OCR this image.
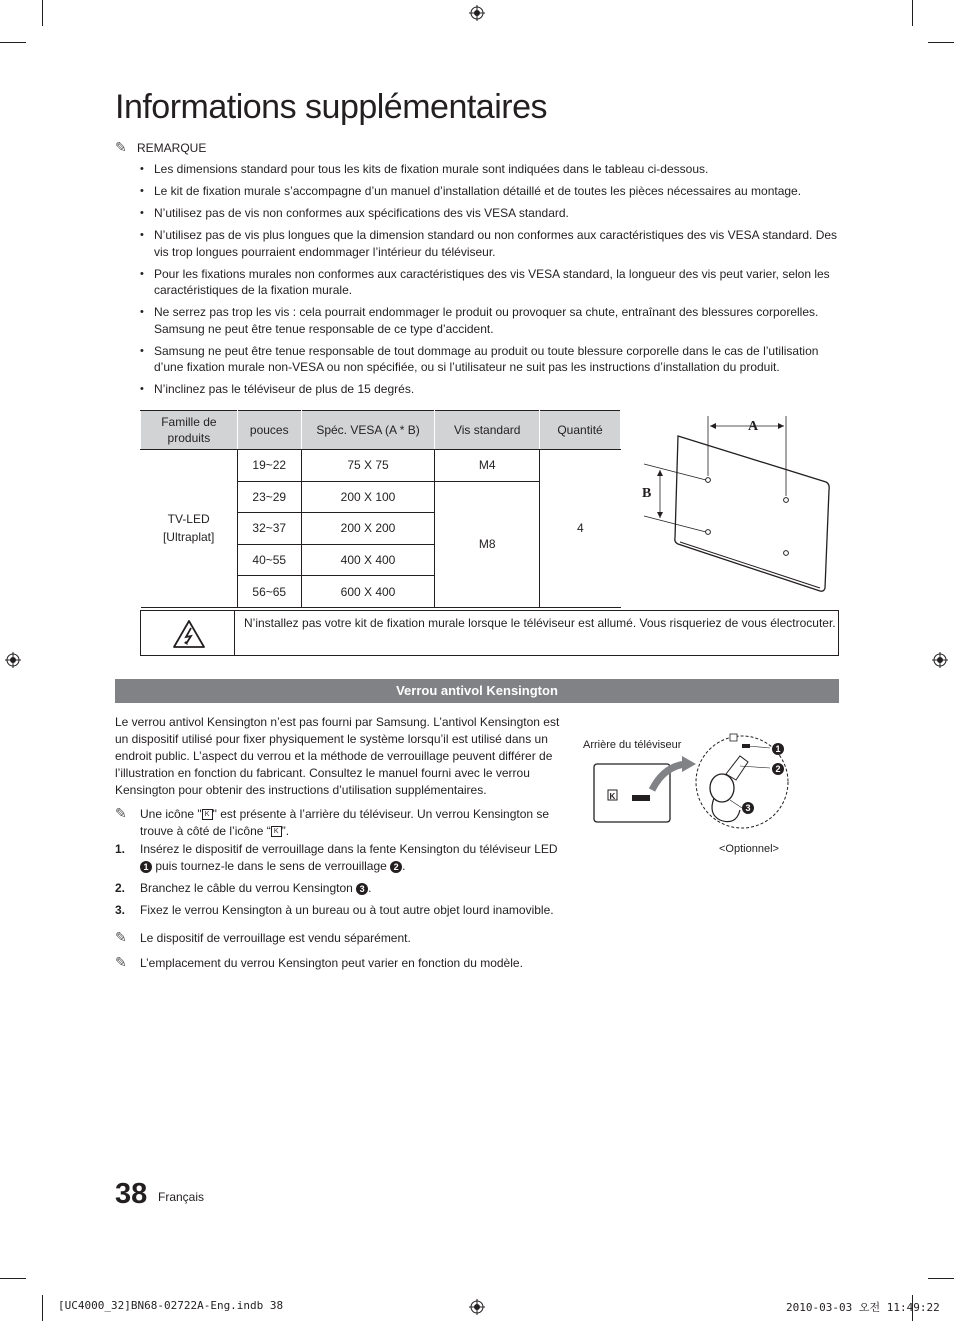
Informations supplémentaires
✎ REMARQUE
• Les dimensions standard pour tous les kits de fixation murale sont indiquées dans le tableau ci-dessous.
• Le kit de fixation murale s’accompagne d’un manuel d’installation détaillé et de toutes les pièces nécessaires au montage.
• N’utilisez pas de vis non conformes aux spécifications des vis VESA standard.
• N’utilisez pas de vis plus longues que la dimension standard ou non conformes aux caractéristiques des vis VESA standard. Des vis trop longues pourraient endommager l’intérieur du téléviseur.
• Pour les fixations murales non conformes aux caractéristiques des vis VESA standard, la longueur des vis peut varier, selon les caractéristiques de la fixation murale.
• Ne serrez pas trop les vis : cela pourrait endommager le produit ou provoquer sa chute, entraînant des blessures corporelles. Samsung ne peut être tenue responsable de ce type d’accident.
• Samsung ne peut être tenue responsable de tout dommage au produit ou toute blessure corporelle dans le cas de l’utilisation d’une fixation murale non-VESA ou non spécifiée, ou si l’utilisateur ne suit pas les instructions d’installation du produit.
• N’inclinez pas le téléviseur de plus de 15 degrés.
Famille de produits	pouces	Spéc. VESA (A * B)	Vis standard	Quantité
TV-LED
[Ultraplat]	19~22	75 X 75	M4	4
	23~29	200 X 100	M8	
	32~37	200 X 200		
	40~55	400 X 400		
	56~65	600 X 400		
A
B
N’installez pas votre kit de fixation murale lorsque le téléviseur est allumé. Vous risqueriez de vous électrocuter.
Verrou antivol Kensington
Le verrou antivol Kensington n’est pas fourni par Samsung. L’antivol Kensington est un dispositif utilisé pour fixer physiquement le système lorsqu’il est utilisé dans un endroit public. L’aspect du verrou et la méthode de verrouillage peuvent différer de l’illustration en fonction du fabricant. Consultez le manuel fourni avec le verrou Kensington pour obtenir des instructions d’utilisation supplémentaires.
✎	Une icône " K " est présente à l’arrière du téléviseur. Un verrou Kensington se trouve à côté de l’icône “ K ”.
1. Insérez le dispositif de verrouillage dans la fente Kensington du téléviseur LED 1 puis tournez-le dans le sens de verrouillage 2 .
2. Branchez le câble du verrou Kensington 3 .
3. Fixez le verrou Kensington à un bureau ou à tout autre objet lourd inamovible.
✎	Le dispositif de verrouillage est vendu séparément.
✎	L’emplacement du verrou Kensington peut varier en fonction du modèle.
Arrière du téléviseur
<Optionnel>
K
1
2
3
38 Français
[UC4000_32]BN68-02722A-Eng.indb 38	2010-03-03 오전 11:49:22
